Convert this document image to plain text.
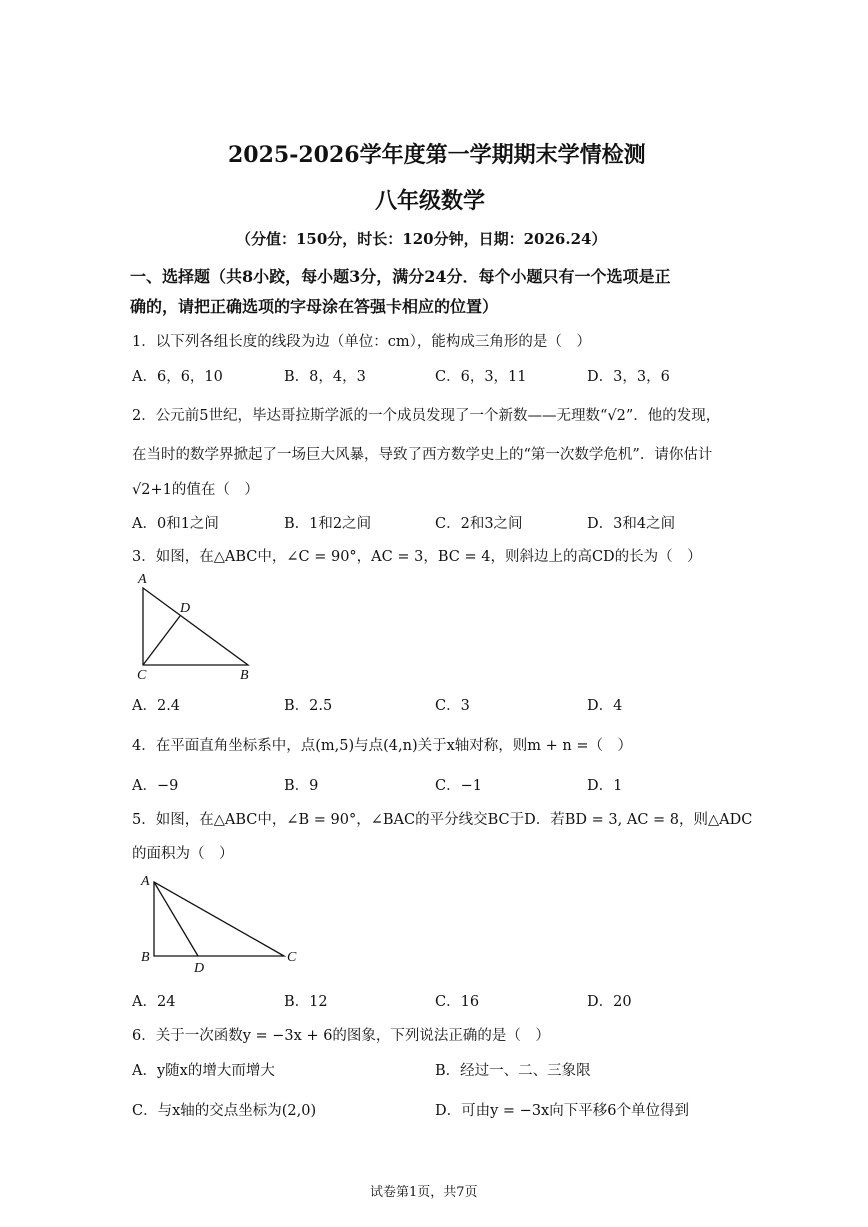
2025-2026学年度第一学期期末学情检测
八年级数学
（分值：150分，时长：120分钟，日期：2026.24）
一、选择题（共8小跤，每小题3分，满分24分．每个小题只有一个选项是正
确的，请把正确选项的字母涂在答强卡相应的位置）
1．以下列各组长度的线段为边（单位：cm），能构成三角形的是（　）
A．6，6，10	B．8，4，3	C．6，3，11	D．3，3，6
2．公元前5世纪，毕达哥拉斯学派的一个成员发现了一个新数——无理数“√2”．他的发现，
在当时的数学界掀起了一场巨大风暴，导致了西方数学史上的“第一次数学危机”．请你估计
√2+1的值在（　）
A．0和1之间	B．1和2之间	C．2和3之间	D．3和4之间
3．如图，在△ABC中，∠C = 90°，AC = 3，BC = 4，则斜边上的高CD的长为（　）
A
D
C	B
A．2.4	B．2.5	C．3	D．4
4．在平面直角坐标系中，点(m,5)与点(4,n)关于x轴对称，则m + n =（　）
A．−9	B．9	C．−1	D．1
5．如图，在△ABC中，∠B = 90°，∠BAC的平分线交BC于D．若BD = 3, AC = 8，则△ADC
的面积为（　）
A
B
D
C
A．24	B．12	C．16	D．20
6．关于一次函数y = −3x + 6的图象，下列说法正确的是（　）
A．y随x的增大而增大	B．经过一、二、三象限
C．与x轴的交点坐标为(2,0)	D．可由y = −3x向下平移6个单位得到
试卷第1页，共7页
